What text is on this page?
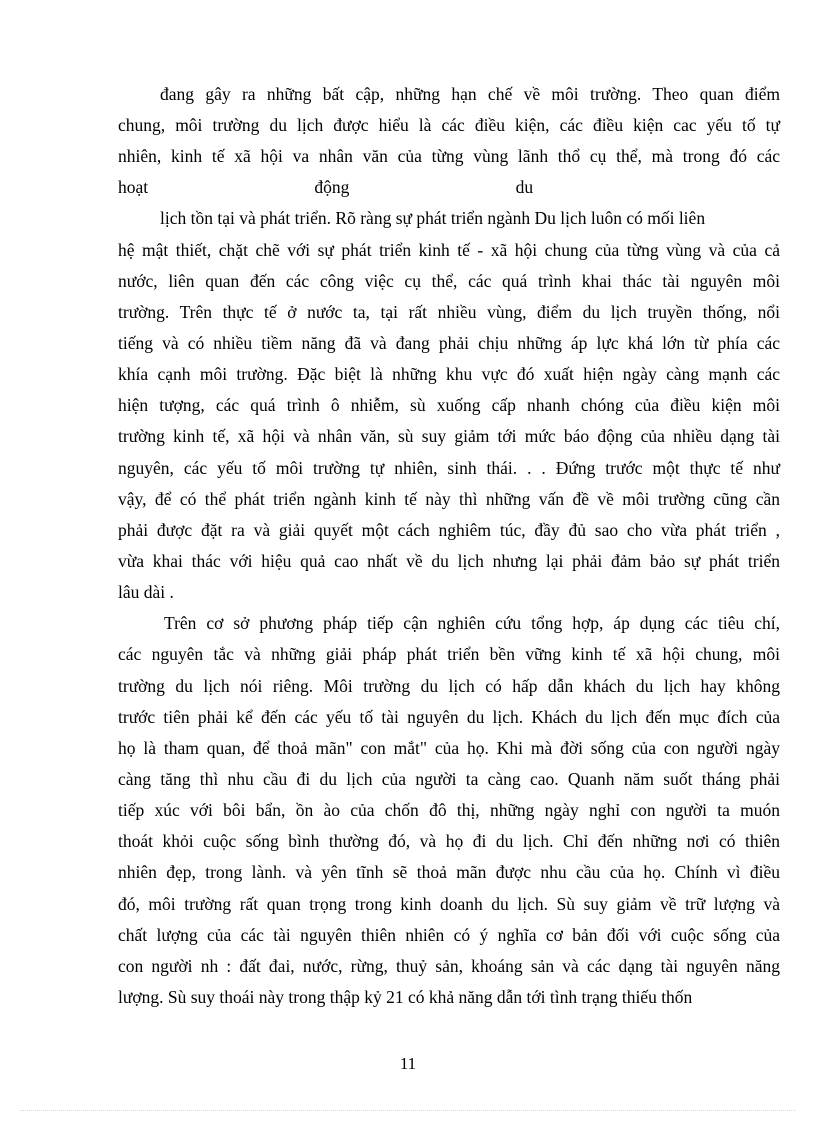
đang gây ra những bất cập, những hạn chế về môi trường. Theo quan điểm
chung, môi trường du lịch được hiểu là các điều kiện, các điều kiện cac yếu tố tự
nhiên, kinh tế xã hội va nhân văn của từng vùng lãnh thổ cụ thể, mà trong đó các
hoạt                                      động                                      du
lịch tồn tại và phát triển. Rõ ràng sự phát triển ngành Du lịch luôn có mối liên
hệ mật thiết, chặt chẽ với sự phát triển kinh tế - xã hội chung của từng vùng và của cả
nước, liên quan đến các công việc cụ thể, các quá trình khai thác tài nguyên môi
trường. Trên thực tế ở nước ta, tại rất nhiều vùng, điểm du lịch truyền thống, nổi
tiếng và có nhiều tiềm năng đã và đang phải chịu những áp lực khá lớn từ phía các
khía cạnh môi trường. Đặc biệt là những khu vực đó xuất hiện ngày càng mạnh các
hiện tượng, các quá trình ô nhiễm, sù xuống cấp nhanh chóng của điều kiện môi
trường kinh tế, xã hội và nhân văn, sù suy giảm tới mức báo động của nhiều dạng tài
nguyên, các yếu tố môi trường tự nhiên, sinh thái. . . Đứng trước một thực tế như
vậy, để có thể phát triển ngành kinh tế này thì những vấn đề về môi trường cũng cần
phải được đặt ra và giải quyết một cách nghiêm túc, đầy đủ sao cho vừa phát triển ,
vừa khai thác với hiệu quả cao nhất về du lịch nhưng lại phải đảm bảo sự phát triển
lâu dài .
Trên cơ sở phương pháp tiếp cận nghiên cứu tổng hợp, áp dụng các tiêu chí,
các nguyên tắc và những giải pháp phát triển bền vững kinh tế xã hội chung, môi
trường du lịch nói riêng. Môi trường du lịch có hấp dẫn khách du lịch hay không
trước tiên phải kể đến các yếu tố tài nguyên du lịch. Khách du lịch đến mục đích của
họ là tham quan, để thoả mãn" con mắt" của họ. Khi mà đời sống của con người ngày
càng tăng thì nhu cầu đi du lịch của người ta càng cao. Quanh năm suốt tháng phải
tiếp xúc với bôi bẩn, ồn ào của chốn đô thị, những ngày nghỉ con người ta muón
thoát khỏi cuộc sống bình thường đó, và họ đi du lịch. Chỉ đến những nơi có thiên
nhiên đẹp, trong lành. và yên tĩnh sẽ thoả mãn được nhu cầu của họ. Chính vì điều
đó, môi trường rất quan trọng trong kinh doanh du lịch. Sù suy giảm về trữ lượng và
chất lượng của các tài nguyên thiên nhiên có ý nghĩa cơ bản đối với cuộc sống của
con người nh : đất đai, nước, rừng, thuỷ sản, khoáng sản và các dạng tài nguyên năng
lượng. Sù suy thoái này trong thập kỷ 21 có khả năng dẫn tới tình trạng thiếu thốn
11
